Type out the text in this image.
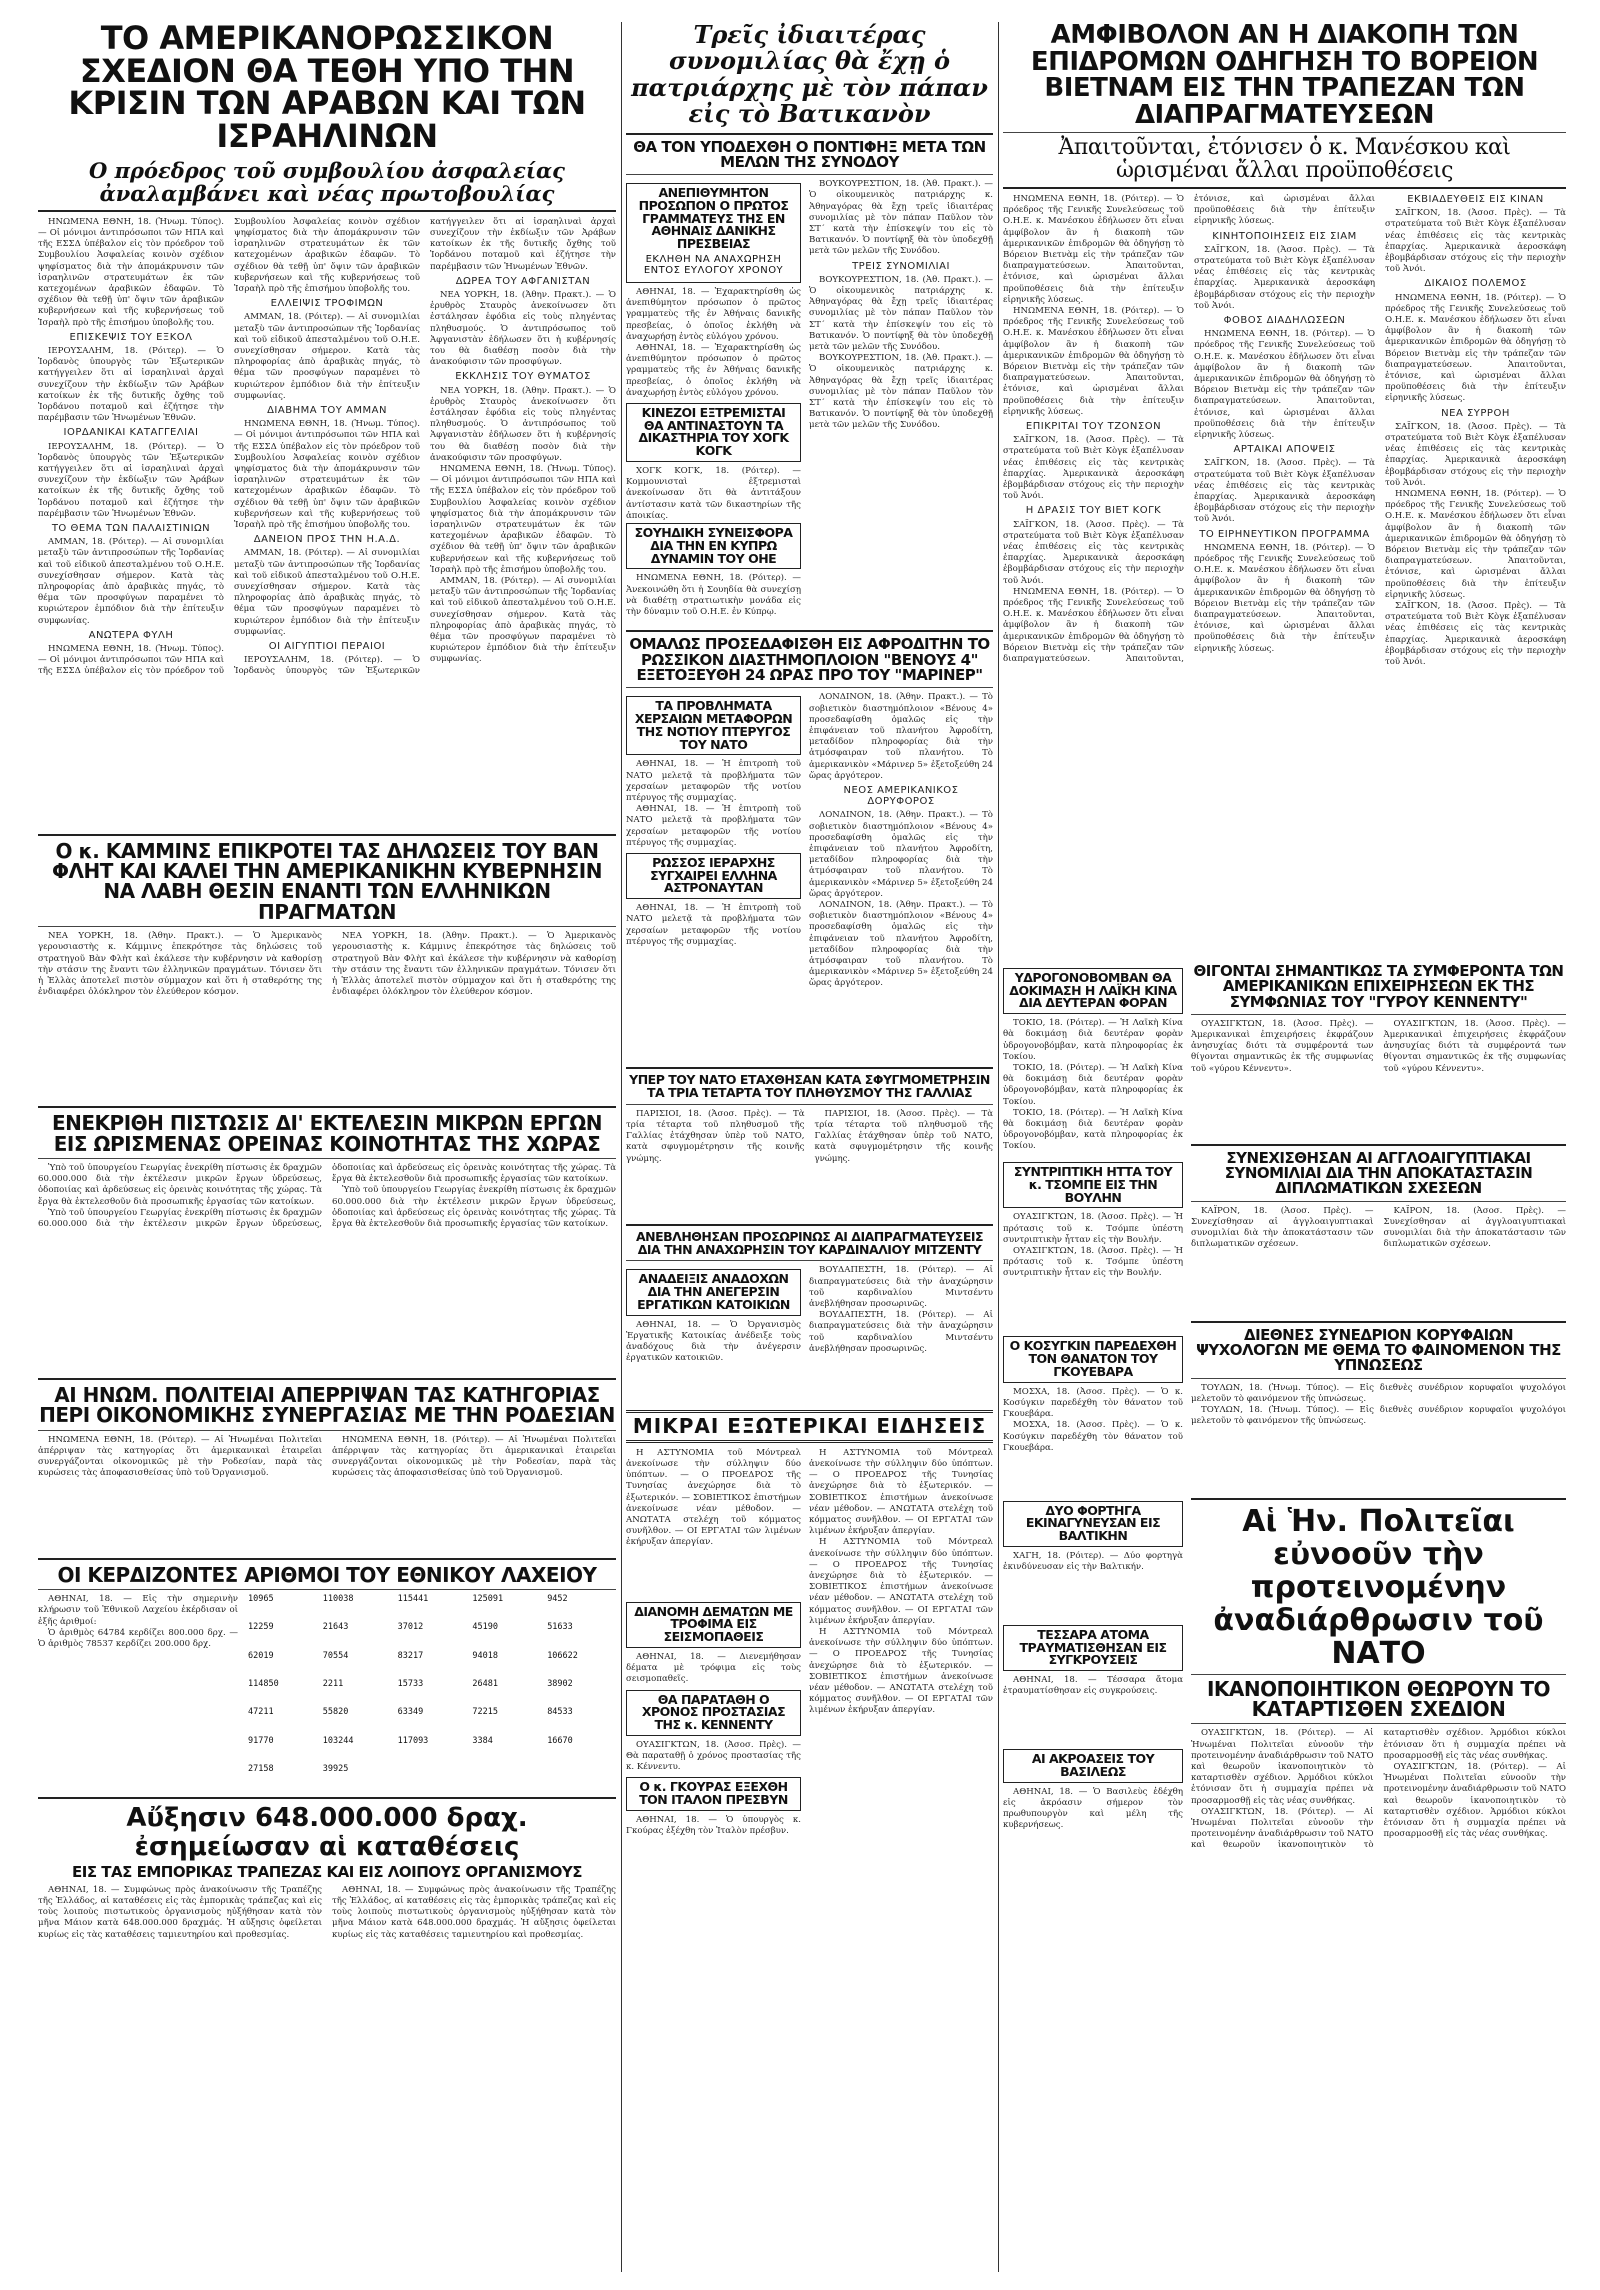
ΤΟ ΑΜΕΡΙΚΑΝΟΡΩΣΣΙΚΟΝ ΣΧΕΔΙΟΝ ΘΑ ΤΕΘΗ ΥΠΟ ΤΗΝ ΚΡΙΣΙΝ ΤΩΝ ΑΡΑΒΩΝ ΚΑΙ ΤΩΝ ΙΣΡΑΗΛΙΝΩΝ
Ο πρόεδρος τοῦ συμβουλίου ἀσφαλείας ἀναλαμβάνει καὶ νέας πρωτοβουλίας

ΗΝΩΜΕΝΑ ΕΘΝΗ, 18. (Ἡνωμ. Τύπος). — Οἱ μόνιμοι ἀντιπρόσωποι τῶν ΗΠΑ καὶ τῆς ΕΣΣΔ ὑπέβαλον εἰς τὸν πρόεδρον τοῦ Συμβουλίου Ἀσφαλείας κοινὸν σχέδιον ψηφίσματος διὰ τὴν ἀπομάκρυνσιν τῶν ἰσραηλινῶν στρατευμάτων ἐκ τῶν κατεχομένων ἀραβικῶν ἐδαφῶν. Τὸ σχέδιον θὰ τεθῇ ὑπ' ὄψιν τῶν ἀραβικῶν κυβερνήσεων καὶ τῆς κυβερνήσεως τοῦ Ἰσραὴλ πρὸ τῆς ἐπισήμου ὑποβολῆς του.

ΕΠΙΣΚΕΨΙΣ ΤΟΥ ΕΞΚΟΛ

ΙΕΡΟΥΣΑΛΗΜ, 18. (Ρόιτερ). — Ὁ Ἰορδανὸς ὑπουργὸς τῶν Ἐξωτερικῶν κατήγγειλεν ὅτι αἱ ἰσραηλιναὶ ἀρχαὶ συνεχίζουν τὴν ἐκδίωξιν τῶν Ἀράβων κατοίκων ἐκ τῆς δυτικῆς ὄχθης τοῦ Ἰορδάνου ποταμοῦ καὶ ἐζήτησε τὴν παρέμβασιν τῶν Ἡνωμένων Ἐθνῶν.

ΙΟΡΔΑΝΙΚΑΙ ΚΑΤΑΓΓΕΛΙΑΙ

ΙΕΡΟΥΣΑΛΗΜ, 18. (Ρόιτερ). — Ὁ Ἰορδανὸς ὑπουργὸς τῶν Ἐξωτερικῶν κατήγγειλεν ὅτι αἱ ἰσραηλιναὶ ἀρχαὶ συνεχίζουν τὴν ἐκδίωξιν τῶν Ἀράβων κατοίκων ἐκ τῆς δυτικῆς ὄχθης τοῦ Ἰορδάνου ποταμοῦ καὶ ἐζήτησε τὴν παρέμβασιν τῶν Ἡνωμένων Ἐθνῶν.

ΤΟ ΘΕΜΑ ΤΩΝ ΠΑΛΑΙΣΤΙΝΙΩΝ

ΑΜΜΑΝ, 18. (Ρόιτερ). — Αἱ συνομιλίαι μεταξὺ τῶν ἀντιπροσώπων τῆς Ἰορδανίας καὶ τοῦ εἰδικοῦ ἀπεσταλμένου τοῦ Ο.Η.Ε. συνεχίσθησαν σήμερον. Κατὰ τὰς πληροφορίας ἀπὸ ἀραβικὰς πηγάς, τὸ θέμα τῶν προσφύγων παραμένει τὸ κυριώτερον ἐμπόδιον διὰ τὴν ἐπίτευξιν συμφωνίας.

ΑΝΩΤΕΡΑ ΦΥΛΗ

ΗΝΩΜΕΝΑ ΕΘΝΗ, 18. (Ἡνωμ. Τύπος). — Οἱ μόνιμοι ἀντιπρόσωποι τῶν ΗΠΑ καὶ τῆς ΕΣΣΔ ὑπέβαλον εἰς τὸν πρόεδρον τοῦ Συμβουλίου Ἀσφαλείας κοινὸν σχέδιον ψηφίσματος διὰ τὴν ἀπομάκρυνσιν τῶν ἰσραηλινῶν στρατευμάτων ἐκ τῶν κατεχομένων ἀραβικῶν ἐδαφῶν. Τὸ σχέδιον θὰ τεθῇ ὑπ' ὄψιν τῶν ἀραβικῶν κυβερνήσεων καὶ τῆς κυβερνήσεως τοῦ Ἰσραὴλ πρὸ τῆς ἐπισήμου ὑποβολῆς του.

ΕΛΛΕΙΨΙΣ ΤΡΟΦΙΜΩΝ

ΑΜΜΑΝ, 18. (Ρόιτερ). — Αἱ συνομιλίαι μεταξὺ τῶν ἀντιπροσώπων τῆς Ἰορδανίας καὶ τοῦ εἰδικοῦ ἀπεσταλμένου τοῦ Ο.Η.Ε. συνεχίσθησαν σήμερον. Κατὰ τὰς πληροφορίας ἀπὸ ἀραβικὰς πηγάς, τὸ θέμα τῶν προσφύγων παραμένει τὸ κυριώτερον ἐμπόδιον διὰ τὴν ἐπίτευξιν συμφωνίας.

ΔΙΑΒΗΜΑ ΤΟΥ ΑΜΜΑΝ

ΗΝΩΜΕΝΑ ΕΘΝΗ, 18. (Ἡνωμ. Τύπος). — Οἱ μόνιμοι ἀντιπρόσωποι τῶν ΗΠΑ καὶ τῆς ΕΣΣΔ ὑπέβαλον εἰς τὸν πρόεδρον τοῦ Συμβουλίου Ἀσφαλείας κοινὸν σχέδιον ψηφίσματος διὰ τὴν ἀπομάκρυνσιν τῶν ἰσραηλινῶν στρατευμάτων ἐκ τῶν κατεχομένων ἀραβικῶν ἐδαφῶν. Τὸ σχέδιον θὰ τεθῇ ὑπ' ὄψιν τῶν ἀραβικῶν κυβερνήσεων καὶ τῆς κυβερνήσεως τοῦ Ἰσραὴλ πρὸ τῆς ἐπισήμου ὑποβολῆς του.

ΔΑΝΕΙΟΝ ΠΡΟΣ ΤΗΝ Η.Α.Δ.

ΑΜΜΑΝ, 18. (Ρόιτερ). — Αἱ συνομιλίαι μεταξὺ τῶν ἀντιπροσώπων τῆς Ἰορδανίας καὶ τοῦ εἰδικοῦ ἀπεσταλμένου τοῦ Ο.Η.Ε. συνεχίσθησαν σήμερον. Κατὰ τὰς πληροφορίας ἀπὸ ἀραβικὰς πηγάς, τὸ θέμα τῶν προσφύγων παραμένει τὸ κυριώτερον ἐμπόδιον διὰ τὴν ἐπίτευξιν συμφωνίας.

ΟΙ ΑΙΓΥΠΤΙΟΙ ΠΕΡΑΙΟΙ

ΙΕΡΟΥΣΑΛΗΜ, 18. (Ρόιτερ). — Ὁ Ἰορδανὸς ὑπουργὸς τῶν Ἐξωτερικῶν κατήγγειλεν ὅτι αἱ ἰσραηλιναὶ ἀρχαὶ συνεχίζουν τὴν ἐκδίωξιν τῶν Ἀράβων κατοίκων ἐκ τῆς δυτικῆς ὄχθης τοῦ Ἰορδάνου ποταμοῦ καὶ ἐζήτησε τὴν παρέμβασιν τῶν Ἡνωμένων Ἐθνῶν.

ΔΩΡΕΑ ΤΟΥ ΑΦΓΑΝΙΣΤΑΝ

ΝΕΑ ΥΟΡΚΗ, 18. (Ἀθην. Πρακτ.). — Ὁ ἐρυθρὸς Σταυρὸς ἀνεκοίνωσεν ὅτι ἐστάλησαν ἐφόδια εἰς τοὺς πληγέντας πληθυσμούς. Ὁ ἀντιπρόσωπος τοῦ Ἀφγανιστὰν ἐδήλωσεν ὅτι ἡ κυβέρνησίς του θὰ διαθέσῃ ποσὸν διὰ τὴν ἀνακούφισιν τῶν προσφύγων.

ΕΚΚΛΗΣΙΣ ΤΟΥ ΘΥΜΑΤΟΣ

ΝΕΑ ΥΟΡΚΗ, 18. (Ἀθην. Πρακτ.). — Ὁ ἐρυθρὸς Σταυρὸς ἀνεκοίνωσεν ὅτι ἐστάλησαν ἐφόδια εἰς τοὺς πληγέντας πληθυσμούς. Ὁ ἀντιπρόσωπος τοῦ Ἀφγανιστὰν ἐδήλωσεν ὅτι ἡ κυβέρνησίς του θὰ διαθέσῃ ποσὸν διὰ τὴν ἀνακούφισιν τῶν προσφύγων.

ΗΝΩΜΕΝΑ ΕΘΝΗ, 18. (Ἡνωμ. Τύπος). — Οἱ μόνιμοι ἀντιπρόσωποι τῶν ΗΠΑ καὶ τῆς ΕΣΣΔ ὑπέβαλον εἰς τὸν πρόεδρον τοῦ Συμβουλίου Ἀσφαλείας κοινὸν σχέδιον ψηφίσματος διὰ τὴν ἀπομάκρυνσιν τῶν ἰσραηλινῶν στρατευμάτων ἐκ τῶν κατεχομένων ἀραβικῶν ἐδαφῶν. Τὸ σχέδιον θὰ τεθῇ ὑπ' ὄψιν τῶν ἀραβικῶν κυβερνήσεων καὶ τῆς κυβερνήσεως τοῦ Ἰσραὴλ πρὸ τῆς ἐπισήμου ὑποβολῆς του.

ΑΜΜΑΝ, 18. (Ρόιτερ). — Αἱ συνομιλίαι μεταξὺ τῶν ἀντιπροσώπων τῆς Ἰορδανίας καὶ τοῦ εἰδικοῦ ἀπεσταλμένου τοῦ Ο.Η.Ε. συνεχίσθησαν σήμερον. Κατὰ τὰς πληροφορίας ἀπὸ ἀραβικὰς πηγάς, τὸ θέμα τῶν προσφύγων παραμένει τὸ κυριώτερον ἐμπόδιον διὰ τὴν ἐπίτευξιν συμφωνίας.

Ο κ. ΚΑΜΜΙΝΣ ΕΠΙΚΡΟΤΕΙ ΤΑΣ ΔΗΛΩΣΕΙΣ ΤΟΥ ΒΑΝ ΦΛΗΤ ΚΑΙ ΚΑΛΕΙ ΤΗΝ ΑΜΕΡΙΚΑΝΙΚΗΝ ΚΥΒΕΡΝΗΣΙΝ ΝΑ ΛΑΒΗ ΘΕΣΙΝ ΕΝΑΝΤΙ ΤΩΝ ΕΛΛΗΝΙΚΩΝ ΠΡΑΓΜΑΤΩΝ

ΝΕΑ ΥΟΡΚΗ, 18. (Ἀθην. Πρακτ.). — Ὁ Ἀμερικανὸς γερουσιαστὴς κ. Κάμμινς ἐπεκρότησε τὰς δηλώσεις τοῦ στρατηγοῦ Βὰν Φλὴτ καὶ ἐκάλεσε τὴν κυβέρνησιν νὰ καθορίσῃ τὴν στάσιν της ἔναντι τῶν ἑλληνικῶν πραγμάτων. Τόνισεν ὅτι ἡ Ἑλλὰς ἀποτελεῖ πιστὸν σύμμαχον καὶ ὅτι ἡ σταθερότης της ἐνδιαφέρει ὁλόκληρον τὸν ἐλεύθερον κόσμον.

ΝΕΑ ΥΟΡΚΗ, 18. (Ἀθην. Πρακτ.). — Ὁ Ἀμερικανὸς γερουσιαστὴς κ. Κάμμινς ἐπεκρότησε τὰς δηλώσεις τοῦ στρατηγοῦ Βὰν Φλὴτ καὶ ἐκάλεσε τὴν κυβέρνησιν νὰ καθορίσῃ τὴν στάσιν της ἔναντι τῶν ἑλληνικῶν πραγμάτων. Τόνισεν ὅτι ἡ Ἑλλὰς ἀποτελεῖ πιστὸν σύμμαχον καὶ ὅτι ἡ σταθερότης της ἐνδιαφέρει ὁλόκληρον τὸν ἐλεύθερον κόσμον.

ΕΝΕΚΡΙΘΗ ΠΙΣΤΩΣΙΣ ΔΙ' ΕΚΤΕΛΕΣΙΝ ΜΙΚΡΩΝ ΕΡΓΩΝ ΕΙΣ ΩΡΙΣΜΕΝΑΣ ΟΡΕΙΝΑΣ ΚΟΙΝΟΤΗΤΑΣ ΤΗΣ ΧΩΡΑΣ

Ὑπὸ τοῦ ὑπουργείου Γεωργίας ἐνεκρίθη πίστωσις ἐκ δραχμῶν 60.000.000 διὰ τὴν ἐκτέλεσιν μικρῶν ἔργων ὑδρεύσεως, ὀδοποιίας καὶ ἀρδεύσεως εἰς ὀρεινὰς κοινότητας τῆς χώρας. Τὰ ἔργα θὰ ἐκτελεσθοῦν διὰ προσωπικῆς ἐργασίας τῶν κατοίκων.

Ὑπὸ τοῦ ὑπουργείου Γεωργίας ἐνεκρίθη πίστωσις ἐκ δραχμῶν 60.000.000 διὰ τὴν ἐκτέλεσιν μικρῶν ἔργων ὑδρεύσεως, ὀδοποιίας καὶ ἀρδεύσεως εἰς ὀρεινὰς κοινότητας τῆς χώρας. Τὰ ἔργα θὰ ἐκτελεσθοῦν διὰ προσωπικῆς ἐργασίας τῶν κατοίκων.

Ὑπὸ τοῦ ὑπουργείου Γεωργίας ἐνεκρίθη πίστωσις ἐκ δραχμῶν 60.000.000 διὰ τὴν ἐκτέλεσιν μικρῶν ἔργων ὑδρεύσεως, ὀδοποιίας καὶ ἀρδεύσεως εἰς ὀρεινὰς κοινότητας τῆς χώρας. Τὰ ἔργα θὰ ἐκτελεσθοῦν διὰ προσωπικῆς ἐργασίας τῶν κατοίκων.

ΑΙ ΗΝΩΜ. ΠΟΛΙΤΕΙΑΙ ΑΠΕΡΡΙΨΑΝ ΤΑΣ ΚΑΤΗΓΟΡΙΑΣ ΠΕΡΙ ΟΙΚΟΝΟΜΙΚΗΣ ΣΥΝΕΡΓΑΣΙΑΣ ΜΕ ΤΗΝ ΡΟΔΕΣΙΑΝ

ΗΝΩΜΕΝΑ ΕΘΝΗ, 18. (Ρόιτερ). — Αἱ Ἡνωμέναι Πολιτεῖαι ἀπέρριψαν τὰς κατηγορίας ὅτι ἀμερικανικαὶ ἑταιρεῖαι συνεργάζονται οἰκονομικῶς μὲ τὴν Ροδεσίαν, παρὰ τὰς κυρώσεις τὰς ἀποφασισθείσας ὑπὸ τοῦ Ὀργανισμοῦ.

ΗΝΩΜΕΝΑ ΕΘΝΗ, 18. (Ρόιτερ). — Αἱ Ἡνωμέναι Πολιτεῖαι ἀπέρριψαν τὰς κατηγορίας ὅτι ἀμερικανικαὶ ἑταιρεῖαι συνεργάζονται οἰκονομικῶς μὲ τὴν Ροδεσίαν, παρὰ τὰς κυρώσεις τὰς ἀποφασισθείσας ὑπὸ τοῦ Ὀργανισμοῦ.

ΟΙ ΚΕΡΔΙΖΟΝΤΕΣ ΑΡΙΘΜΟΙ ΤΟΥ ΕΘΝΙΚΟΥ ΛΑΧΕΙΟΥ

ΑΘΗΝΑΙ, 18. — Εἰς τὴν σημερινὴν κλήρωσιν τοῦ Ἐθνικοῦ Λαχείου ἐκέρδισαν οἱ ἑξῆς ἀριθμοί:

Ὁ ἀριθμὸς 64784 κερδίζει 800.000 δρχ. — Ὁ ἀριθμὸς 78537 κερδίζει 200.000 δρχ.

10965	110038	115441	125091	9452
12259	21643	37012	45190	51633
62019	70554	83217	94018	106622
114850	2211	15733	26481	38902
47211	55820	63349	72215	84533
91770	103244	117093	3384	16670
27158	39925
Αὔξησιν 648.000.000 δραχ. ἐσημείωσαν αἱ καταθέσεις
ΕΙΣ ΤΑΣ ΕΜΠΟΡΙΚΑΣ ΤΡΑΠΕΖΑΣ ΚΑΙ ΕΙΣ ΛΟΙΠΟΥΣ ΟΡΓΑΝΙΣΜΟΥΣ

ΑΘΗΝΑΙ, 18. — Συμφώνως πρὸς ἀνακοίνωσιν τῆς Τραπέζης τῆς Ἑλλάδος, αἱ καταθέσεις εἰς τὰς ἐμπορικὰς τράπεζας καὶ εἰς τοὺς λοιποὺς πιστωτικοὺς ὀργανισμοὺς ηὐξήθησαν κατὰ τὸν μῆνα Μάιον κατὰ 648.000.000 δραχμάς. Ἡ αὔξησις ὀφείλεται κυρίως εἰς τὰς καταθέσεις ταμιευτηρίου καὶ προθεσμίας.

ΑΘΗΝΑΙ, 18. — Συμφώνως πρὸς ἀνακοίνωσιν τῆς Τραπέζης τῆς Ἑλλάδος, αἱ καταθέσεις εἰς τὰς ἐμπορικὰς τράπεζας καὶ εἰς τοὺς λοιποὺς πιστωτικοὺς ὀργανισμοὺς ηὐξήθησαν κατὰ τὸν μῆνα Μάιον κατὰ 648.000.000 δραχμάς. Ἡ αὔξησις ὀφείλεται κυρίως εἰς τὰς καταθέσεις ταμιευτηρίου καὶ προθεσμίας.

Τρεῖς ἰδιαιτέρας συνομιλίας θὰ ἔχῃ ὁ πατριάρχης μὲ τὸν πάπαν εἰς τὸ Βατικανὸν
ΘΑ ΤΟΝ ΥΠΟΔΕΧΘΗ Ο ΠΟΝΤΙΦΗΞ ΜΕΤΑ ΤΩΝ ΜΕΛΩΝ ΤΗΣ ΣΥΝΟΔΟΥ
ΑΝΕΠΙΘΥΜΗΤΟΝ ΠΡΟΣΩΠΟΝ Ο ΠΡΩΤΟΣ ΓΡΑΜΜΑΤΕΥΣ ΤΗΣ ΕΝ ΑΘΗΝΑΙΣ ΔΑΝΙΚΗΣ ΠΡΕΣΒΕΙΑΣ
ΕΚΛΗΘΗ ΝΑ ΑΝΑΧΩΡΗΣΗ ΕΝΤΟΣ ΕΥΛΟΓΟΥ ΧΡΟΝΟΥ

ΑΘΗΝΑΙ, 18. — Ἐχαρακτηρίσθη ὡς ἀνεπιθύμητον πρόσωπον ὁ πρῶτος γραμματεὺς τῆς ἐν Ἀθήναις δανικῆς πρεσβείας, ὁ ὁποῖος ἐκλήθη νὰ ἀναχωρήσῃ ἐντὸς εὐλόγου χρόνου.

ΑΘΗΝΑΙ, 18. — Ἐχαρακτηρίσθη ὡς ἀνεπιθύμητον πρόσωπον ὁ πρῶτος γραμματεὺς τῆς ἐν Ἀθήναις δανικῆς πρεσβείας, ὁ ὁποῖος ἐκλήθη νὰ ἀναχωρήσῃ ἐντὸς εὐλόγου χρόνου.

ΚΙΝΕΖΟΙ ΕΞΤΡΕΜΙΣΤΑΙ ΘΑ ΑΝΤΙΝΑΣΤΟΥΝ ΤΑ ΔΙΚΑΣΤΗΡΙΑ ΤΟΥ ΧΟΓΚ ΚΟΓΚ

ΧΟΓΚ ΚΟΓΚ, 18. (Ρόιτερ). — Κομμουνισταὶ ἐξτρεμισταὶ ἀνεκοίνωσαν ὅτι θὰ ἀντιτάξουν ἀντίστασιν κατὰ τῶν δικαστηρίων τῆς ἀποικίας.

ΒΟΥΚΟΥΡΕΣΤΙΟΝ, 18. (Ἀθ. Πρακτ.). — Ὁ οἰκουμενικὸς πατριάρχης κ. Ἀθηναγόρας θὰ ἔχῃ τρεῖς ἰδιαιτέρας συνομιλίας μὲ τὸν πάπαν Παῦλον τὸν ΣΤ΄ κατὰ τὴν ἐπίσκεψίν του εἰς τὸ Βατικανόν. Ὁ ποντίφηξ θὰ τὸν ὑποδεχθῇ μετὰ τῶν μελῶν τῆς Συνόδου.

ΤΡΕΙΣ ΣΥΝΟΜΙΛΙΑΙ

ΒΟΥΚΟΥΡΕΣΤΙΟΝ, 18. (Ἀθ. Πρακτ.). — Ὁ οἰκουμενικὸς πατριάρχης κ. Ἀθηναγόρας θὰ ἔχῃ τρεῖς ἰδιαιτέρας συνομιλίας μὲ τὸν πάπαν Παῦλον τὸν ΣΤ΄ κατὰ τὴν ἐπίσκεψίν του εἰς τὸ Βατικανόν. Ὁ ποντίφηξ θὰ τὸν ὑποδεχθῇ μετὰ τῶν μελῶν τῆς Συνόδου.

ΒΟΥΚΟΥΡΕΣΤΙΟΝ, 18. (Ἀθ. Πρακτ.). — Ὁ οἰκουμενικὸς πατριάρχης κ. Ἀθηναγόρας θὰ ἔχῃ τρεῖς ἰδιαιτέρας συνομιλίας μὲ τὸν πάπαν Παῦλον τὸν ΣΤ΄ κατὰ τὴν ἐπίσκεψίν του εἰς τὸ Βατικανόν. Ὁ ποντίφηξ θὰ τὸν ὑποδεχθῇ μετὰ τῶν μελῶν τῆς Συνόδου.

ΣΟΥΗΔΙΚΗ ΣΥΝΕΙΣΦΟΡΑ ΔΙΑ ΤΗΝ ΕΝ ΚΥΠΡΩ ΔΥΝΑΜΙΝ ΤΟΥ ΟΗΕ

ΗΝΩΜΕΝΑ ΕΘΝΗ, 18. (Ρόιτερ). — Ἀνεκοινώθη ὅτι ἡ Σουηδία θὰ συνεχίσῃ νὰ διαθέτῃ στρατιωτικὴν μονάδα εἰς τὴν δύναμιν τοῦ Ο.Η.Ε. ἐν Κύπρῳ.

ΟΜΑΛΩΣ ΠΡΟΣΕΔΑΦΙΣΘΗ ΕΙΣ ΑΦΡΟΔΙΤΗΝ ΤΟ ΡΩΣΣΙΚΟΝ ΔΙΑΣΤΗΜΟΠΛΟΙΟΝ "ΒΕΝΟΥΣ 4" ΕΞΕΤΟΞΕΥΘΗ 24 ΩΡΑΣ ΠΡΟ ΤΟΥ "ΜΑΡΙΝΕΡ"
ΤΑ ΠΡΟΒΛΗΜΑΤΑ ΧΕΡΣΑΙΩΝ ΜΕΤΑΦΟΡΩΝ ΤΗΣ ΝΟΤΙΟΥ ΠΤΕΡΥΓΟΣ ΤΟΥ ΝΑΤΟ

ΑΘΗΝΑΙ, 18. — Ἡ ἐπιτροπὴ τοῦ ΝΑΤΟ μελετᾷ τὰ προβλήματα τῶν χερσαίων μεταφορῶν τῆς νοτίου πτέρυγος τῆς συμμαχίας.

ΑΘΗΝΑΙ, 18. — Ἡ ἐπιτροπὴ τοῦ ΝΑΤΟ μελετᾷ τὰ προβλήματα τῶν χερσαίων μεταφορῶν τῆς νοτίου πτέρυγος τῆς συμμαχίας.

ΡΩΣΣΟΣ ΙΕΡΑΡΧΗΣ ΣΥΓΧΑΙΡΕΙ ΕΛΛΗΝΑ ΑΣΤΡΟΝΑΥΤΑΝ

ΑΘΗΝΑΙ, 18. — Ἡ ἐπιτροπὴ τοῦ ΝΑΤΟ μελετᾷ τὰ προβλήματα τῶν χερσαίων μεταφορῶν τῆς νοτίου πτέρυγος τῆς συμμαχίας.

ΛΟΝΔΙΝΟΝ, 18. (Ἀθην. Πρακτ.). — Τὸ σοβιετικὸν διαστημόπλοιον «Βένους 4» προσεδαφίσθη ὁμαλῶς εἰς τὴν ἐπιφάνειαν τοῦ πλανήτου Ἀφροδίτη, μεταδίδον πληροφορίας διὰ τὴν ἀτμόσφαιραν τοῦ πλανήτου. Τὸ ἀμερικανικὸν «Μάρινερ 5» ἐξετοξεύθη 24 ὥρας ἀργότερον.

ΝΕΟΣ ΑΜΕΡΙΚΑΝΙΚΟΣ ΔΟΡΥΦΟΡΟΣ

ΛΟΝΔΙΝΟΝ, 18. (Ἀθην. Πρακτ.). — Τὸ σοβιετικὸν διαστημόπλοιον «Βένους 4» προσεδαφίσθη ὁμαλῶς εἰς τὴν ἐπιφάνειαν τοῦ πλανήτου Ἀφροδίτη, μεταδίδον πληροφορίας διὰ τὴν ἀτμόσφαιραν τοῦ πλανήτου. Τὸ ἀμερικανικὸν «Μάρινερ 5» ἐξετοξεύθη 24 ὥρας ἀργότερον.

ΛΟΝΔΙΝΟΝ, 18. (Ἀθην. Πρακτ.). — Τὸ σοβιετικὸν διαστημόπλοιον «Βένους 4» προσεδαφίσθη ὁμαλῶς εἰς τὴν ἐπιφάνειαν τοῦ πλανήτου Ἀφροδίτη, μεταδίδον πληροφορίας διὰ τὴν ἀτμόσφαιραν τοῦ πλανήτου. Τὸ ἀμερικανικὸν «Μάρινερ 5» ἐξετοξεύθη 24 ὥρας ἀργότερον.

ΥΠΕΡ ΤΟΥ ΝΑΤΟ ΕΤΑΧΘΗΣΑΝ ΚΑΤΑ ΣΦΥΓΜΟΜΕΤΡΗΣΙΝ ΤΑ ΤΡΙΑ ΤΕΤΑΡΤΑ ΤΟΥ ΠΛΗΘΥΣΜΟΥ ΤΗΣ ΓΑΛΛΙΑΣ

ΠΑΡΙΣΙΟΙ, 18. (Ἀσοσ. Πρὲς). — Τὰ τρία τέταρτα τοῦ πληθυσμοῦ τῆς Γαλλίας ἐτάχθησαν ὑπὲρ τοῦ ΝΑΤΟ, κατὰ σφυγμομέτρησιν τῆς κοινῆς γνώμης.

ΠΑΡΙΣΙΟΙ, 18. (Ἀσοσ. Πρὲς). — Τὰ τρία τέταρτα τοῦ πληθυσμοῦ τῆς Γαλλίας ἐτάχθησαν ὑπὲρ τοῦ ΝΑΤΟ, κατὰ σφυγμομέτρησιν τῆς κοινῆς γνώμης.

ΑΝΕΒΛΗΘΗΣΑΝ ΠΡΟΣΩΡΙΝΩΣ ΑΙ ΔΙΑΠΡΑΓΜΑΤΕΥΣΕΙΣ ΔΙΑ ΤΗΝ ΑΝΑΧΩΡΗΣΙΝ ΤΟΥ ΚΑΡΔΙΝΑΛΙΟΥ ΜΙΤΖΕΝΤΥ
ΑΝΑΔΕΙΞΙΣ ΑΝΑΔΟΧΩΝ ΔΙΑ ΤΗΝ ΑΝΕΓΕΡΣΙΝ ΕΡΓΑΤΙΚΩΝ ΚΑΤΟΙΚΙΩΝ

ΑΘΗΝΑΙ, 18. — Ὁ Ὀργανισμὸς Ἐργατικῆς Κατοικίας ἀνέδειξε τοὺς ἀναδόχους διὰ τὴν ἀνέγερσιν ἐργατικῶν κατοικιῶν.

ΒΟΥΔΑΠΕΣΤΗ, 18. (Ρόιτερ). — Αἱ διαπραγματεύσεις διὰ τὴν ἀναχώρησιν τοῦ καρδιναλίου Μιντσέντυ ἀνεβλήθησαν προσωρινῶς.

ΒΟΥΔΑΠΕΣΤΗ, 18. (Ρόιτερ). — Αἱ διαπραγματεύσεις διὰ τὴν ἀναχώρησιν τοῦ καρδιναλίου Μιντσέντυ ἀνεβλήθησαν προσωρινῶς.

ΜΙΚΡΑΙ ΕΞΩΤΕΡΙΚΑΙ ΕΙΔΗΣΕΙΣ

Η ΑΣΤΥΝΟΜΙΑ τοῦ Μόντρεαλ ἀνεκοίνωσε τὴν σύλληψιν δύο ὑπόπτων. — Ο ΠΡΟΕΔΡΟΣ τῆς Τυνησίας ἀνεχώρησε διὰ τὸ ἐξωτερικόν. — ΣΟΒΙΕΤΙΚΟΣ ἐπιστήμων ἀνεκοίνωσε νέαν μέθοδον. — ΑΝΩΤΑΤΑ στελέχη τοῦ κόμματος συνῆλθον. — ΟΙ ΕΡΓΑΤΑΙ τῶν λιμένων ἐκήρυξαν ἀπεργίαν.

ΔΙΑΝΟΜΗ ΔΕΜΑΤΩΝ ΜΕ ΤΡΟΦΙΜΑ ΕΙΣ ΣΕΙΣΜΟΠΑΘΕΙΣ

ΑΘΗΝΑΙ, 18. — Διενεμήθησαν δέματα μὲ τρόφιμα εἰς τοὺς σεισμοπαθεῖς.

ΘΑ ΠΑΡΑΤΑΘΗ Ο ΧΡΟΝΟΣ ΠΡΟΣΤΑΣΙΑΣ ΤΗΣ κ. ΚΕΝΝΕΝΤΥ

ΟΥΑΣΙΓΚΤΩΝ, 18. (Ἀσοσ. Πρὲς). — Θὰ παραταθῇ ὁ χρόνος προστασίας τῆς κ. Κέννεντυ.

Ο κ. ΓΚΟΥΡΑΣ ΕΞΕΧΘΗ ΤΟΝ ΙΤΑΛΟΝ ΠΡΕΣΒΥΝ

ΑΘΗΝΑΙ, 18. — Ὁ ὑπουργὸς κ. Γκούρας ἐξέχθη τὸν Ἰταλὸν πρέσβυν.

Η ΑΣΤΥΝΟΜΙΑ τοῦ Μόντρεαλ ἀνεκοίνωσε τὴν σύλληψιν δύο ὑπόπτων. — Ο ΠΡΟΕΔΡΟΣ τῆς Τυνησίας ἀνεχώρησε διὰ τὸ ἐξωτερικόν. — ΣΟΒΙΕΤΙΚΟΣ ἐπιστήμων ἀνεκοίνωσε νέαν μέθοδον. — ΑΝΩΤΑΤΑ στελέχη τοῦ κόμματος συνῆλθον. — ΟΙ ΕΡΓΑΤΑΙ τῶν λιμένων ἐκήρυξαν ἀπεργίαν.

Η ΑΣΤΥΝΟΜΙΑ τοῦ Μόντρεαλ ἀνεκοίνωσε τὴν σύλληψιν δύο ὑπόπτων. — Ο ΠΡΟΕΔΡΟΣ τῆς Τυνησίας ἀνεχώρησε διὰ τὸ ἐξωτερικόν. — ΣΟΒΙΕΤΙΚΟΣ ἐπιστήμων ἀνεκοίνωσε νέαν μέθοδον. — ΑΝΩΤΑΤΑ στελέχη τοῦ κόμματος συνῆλθον. — ΟΙ ΕΡΓΑΤΑΙ τῶν λιμένων ἐκήρυξαν ἀπεργίαν.

Η ΑΣΤΥΝΟΜΙΑ τοῦ Μόντρεαλ ἀνεκοίνωσε τὴν σύλληψιν δύο ὑπόπτων. — Ο ΠΡΟΕΔΡΟΣ τῆς Τυνησίας ἀνεχώρησε διὰ τὸ ἐξωτερικόν. — ΣΟΒΙΕΤΙΚΟΣ ἐπιστήμων ἀνεκοίνωσε νέαν μέθοδον. — ΑΝΩΤΑΤΑ στελέχη τοῦ κόμματος συνῆλθον. — ΟΙ ΕΡΓΑΤΑΙ τῶν λιμένων ἐκήρυξαν ἀπεργίαν.

ΑΜΦΙΒΟΛΟΝ ΑΝ Η ΔΙΑΚΟΠΗ ΤΩΝ ΕΠΙΔΡΟΜΩΝ ΟΔΗΓΗΣΗ ΤΟ ΒΟΡΕΙΟΝ ΒΙΕΤΝΑΜ ΕΙΣ ΤΗΝ ΤΡΑΠΕΖΑΝ ΤΩΝ ΔΙΑΠΡΑΓΜΑΤΕΥΣΕΩΝ
Ἀπαιτοῦνται, ἐτόνισεν ὁ κ. Μανέσκου καὶ ὡρισμέναι ἄλλαι προϋποθέσεις

ΗΝΩΜΕΝΑ ΕΘΝΗ, 18. (Ρόιτερ). — Ὁ πρόεδρος τῆς Γενικῆς Συνελεύσεως τοῦ Ο.Η.Ε. κ. Μανέσκου ἐδήλωσεν ὅτι εἶναι ἀμφίβολον ἂν ἡ διακοπὴ τῶν ἀμερικανικῶν ἐπιδρομῶν θὰ ὁδηγήσῃ τὸ Βόρειον Βιετνὰμ εἰς τὴν τράπεζαν τῶν διαπραγματεύσεων. Ἀπαιτοῦνται, ἐτόνισε, καὶ ὡρισμέναι ἄλλαι προϋποθέσεις διὰ τὴν ἐπίτευξιν εἰρηνικῆς λύσεως.

ΗΝΩΜΕΝΑ ΕΘΝΗ, 18. (Ρόιτερ). — Ὁ πρόεδρος τῆς Γενικῆς Συνελεύσεως τοῦ Ο.Η.Ε. κ. Μανέσκου ἐδήλωσεν ὅτι εἶναι ἀμφίβολον ἂν ἡ διακοπὴ τῶν ἀμερικανικῶν ἐπιδρομῶν θὰ ὁδηγήσῃ τὸ Βόρειον Βιετνὰμ εἰς τὴν τράπεζαν τῶν διαπραγματεύσεων. Ἀπαιτοῦνται, ἐτόνισε, καὶ ὡρισμέναι ἄλλαι προϋποθέσεις διὰ τὴν ἐπίτευξιν εἰρηνικῆς λύσεως.

ΕΠΙΚΡΙΤΑΙ ΤΟΥ ΤΖΟΝΣΟΝ

ΣΑΪΓΚΟΝ, 18. (Ἀσοσ. Πρὲς). — Τὰ στρατεύματα τοῦ Βιὲτ Κὸγκ ἐξαπέλυσαν νέας ἐπιθέσεις εἰς τὰς κεντρικὰς ἐπαρχίας. Ἀμερικανικὰ ἀεροσκάφη ἐβομβάρδισαν στόχους εἰς τὴν περιοχὴν τοῦ Ἁνόι.

Η ΔΡΑΣΙΣ ΤΟΥ ΒΙΕΤ ΚΟΓΚ

ΣΑΪΓΚΟΝ, 18. (Ἀσοσ. Πρὲς). — Τὰ στρατεύματα τοῦ Βιὲτ Κὸγκ ἐξαπέλυσαν νέας ἐπιθέσεις εἰς τὰς κεντρικὰς ἐπαρχίας. Ἀμερικανικὰ ἀεροσκάφη ἐβομβάρδισαν στόχους εἰς τὴν περιοχὴν τοῦ Ἁνόι.

ΗΝΩΜΕΝΑ ΕΘΝΗ, 18. (Ρόιτερ). — Ὁ πρόεδρος τῆς Γενικῆς Συνελεύσεως τοῦ Ο.Η.Ε. κ. Μανέσκου ἐδήλωσεν ὅτι εἶναι ἀμφίβολον ἂν ἡ διακοπὴ τῶν ἀμερικανικῶν ἐπιδρομῶν θὰ ὁδηγήσῃ τὸ Βόρειον Βιετνὰμ εἰς τὴν τράπεζαν τῶν διαπραγματεύσεων. Ἀπαιτοῦνται, ἐτόνισε, καὶ ὡρισμέναι ἄλλαι προϋποθέσεις διὰ τὴν ἐπίτευξιν εἰρηνικῆς λύσεως.

ΚΙΝΗΤΟΠΟΙΗΣΕΙΣ ΕΙΣ ΣΙΑΜ

ΣΑΪΓΚΟΝ, 18. (Ἀσοσ. Πρὲς). — Τὰ στρατεύματα τοῦ Βιὲτ Κὸγκ ἐξαπέλυσαν νέας ἐπιθέσεις εἰς τὰς κεντρικὰς ἐπαρχίας. Ἀμερικανικὰ ἀεροσκάφη ἐβομβάρδισαν στόχους εἰς τὴν περιοχὴν τοῦ Ἁνόι.

ΦΟΒΟΣ ΔΙΑΔΗΛΩΣΕΩΝ

ΗΝΩΜΕΝΑ ΕΘΝΗ, 18. (Ρόιτερ). — Ὁ πρόεδρος τῆς Γενικῆς Συνελεύσεως τοῦ Ο.Η.Ε. κ. Μανέσκου ἐδήλωσεν ὅτι εἶναι ἀμφίβολον ἂν ἡ διακοπὴ τῶν ἀμερικανικῶν ἐπιδρομῶν θὰ ὁδηγήσῃ τὸ Βόρειον Βιετνὰμ εἰς τὴν τράπεζαν τῶν διαπραγματεύσεων. Ἀπαιτοῦνται, ἐτόνισε, καὶ ὡρισμέναι ἄλλαι προϋποθέσεις διὰ τὴν ἐπίτευξιν εἰρηνικῆς λύσεως.

ΑΡΤΑΙΚΑΙ ΑΠΟΨΕΙΣ

ΣΑΪΓΚΟΝ, 18. (Ἀσοσ. Πρὲς). — Τὰ στρατεύματα τοῦ Βιὲτ Κὸγκ ἐξαπέλυσαν νέας ἐπιθέσεις εἰς τὰς κεντρικὰς ἐπαρχίας. Ἀμερικανικὰ ἀεροσκάφη ἐβομβάρδισαν στόχους εἰς τὴν περιοχὴν τοῦ Ἁνόι.

ΤΟ ΕΙΡΗΝΕΥΤΙΚΟΝ ΠΡΟΓΡΑΜΜΑ

ΗΝΩΜΕΝΑ ΕΘΝΗ, 18. (Ρόιτερ). — Ὁ πρόεδρος τῆς Γενικῆς Συνελεύσεως τοῦ Ο.Η.Ε. κ. Μανέσκου ἐδήλωσεν ὅτι εἶναι ἀμφίβολον ἂν ἡ διακοπὴ τῶν ἀμερικανικῶν ἐπιδρομῶν θὰ ὁδηγήσῃ τὸ Βόρειον Βιετνὰμ εἰς τὴν τράπεζαν τῶν διαπραγματεύσεων. Ἀπαιτοῦνται, ἐτόνισε, καὶ ὡρισμέναι ἄλλαι προϋποθέσεις διὰ τὴν ἐπίτευξιν εἰρηνικῆς λύσεως.

ΕΚΒΙΑΔΕΥΘΕΙΣ ΕΙΣ ΚΙΝΑΝ

ΣΑΪΓΚΟΝ, 18. (Ἀσοσ. Πρὲς). — Τὰ στρατεύματα τοῦ Βιὲτ Κὸγκ ἐξαπέλυσαν νέας ἐπιθέσεις εἰς τὰς κεντρικὰς ἐπαρχίας. Ἀμερικανικὰ ἀεροσκάφη ἐβομβάρδισαν στόχους εἰς τὴν περιοχὴν τοῦ Ἁνόι.

ΔΙΚΑΙΟΣ ΠΟΛΕΜΟΣ

ΗΝΩΜΕΝΑ ΕΘΝΗ, 18. (Ρόιτερ). — Ὁ πρόεδρος τῆς Γενικῆς Συνελεύσεως τοῦ Ο.Η.Ε. κ. Μανέσκου ἐδήλωσεν ὅτι εἶναι ἀμφίβολον ἂν ἡ διακοπὴ τῶν ἀμερικανικῶν ἐπιδρομῶν θὰ ὁδηγήσῃ τὸ Βόρειον Βιετνὰμ εἰς τὴν τράπεζαν τῶν διαπραγματεύσεων. Ἀπαιτοῦνται, ἐτόνισε, καὶ ὡρισμέναι ἄλλαι προϋποθέσεις διὰ τὴν ἐπίτευξιν εἰρηνικῆς λύσεως.

ΝΕΑ ΣΥΡΡΟΗ

ΣΑΪΓΚΟΝ, 18. (Ἀσοσ. Πρὲς). — Τὰ στρατεύματα τοῦ Βιὲτ Κὸγκ ἐξαπέλυσαν νέας ἐπιθέσεις εἰς τὰς κεντρικὰς ἐπαρχίας. Ἀμερικανικὰ ἀεροσκάφη ἐβομβάρδισαν στόχους εἰς τὴν περιοχὴν τοῦ Ἁνόι.

ΗΝΩΜΕΝΑ ΕΘΝΗ, 18. (Ρόιτερ). — Ὁ πρόεδρος τῆς Γενικῆς Συνελεύσεως τοῦ Ο.Η.Ε. κ. Μανέσκου ἐδήλωσεν ὅτι εἶναι ἀμφίβολον ἂν ἡ διακοπὴ τῶν ἀμερικανικῶν ἐπιδρομῶν θὰ ὁδηγήσῃ τὸ Βόρειον Βιετνὰμ εἰς τὴν τράπεζαν τῶν διαπραγματεύσεων. Ἀπαιτοῦνται, ἐτόνισε, καὶ ὡρισμέναι ἄλλαι προϋποθέσεις διὰ τὴν ἐπίτευξιν εἰρηνικῆς λύσεως.

ΣΑΪΓΚΟΝ, 18. (Ἀσοσ. Πρὲς). — Τὰ στρατεύματα τοῦ Βιὲτ Κὸγκ ἐξαπέλυσαν νέας ἐπιθέσεις εἰς τὰς κεντρικὰς ἐπαρχίας. Ἀμερικανικὰ ἀεροσκάφη ἐβομβάρδισαν στόχους εἰς τὴν περιοχὴν τοῦ Ἁνόι.

ΥΔΡΟΓΟΝΟΒΟΜΒΑΝ ΘΑ ΔΟΚΙΜΑΣΗ Η ΛΑΪΚΗ ΚΙΝΑ ΔΙΑ ΔΕΥΤΕΡΑΝ ΦΟΡΑΝ

ΤΟΚΙΟ, 18. (Ρόιτερ). — Ἡ Λαϊκὴ Κίνα θὰ δοκιμάσῃ διὰ δευτέραν φορὰν ὑδρογονοβόμβαν, κατὰ πληροφορίας ἐκ Τοκίου.

ΤΟΚΙΟ, 18. (Ρόιτερ). — Ἡ Λαϊκὴ Κίνα θὰ δοκιμάσῃ διὰ δευτέραν φορὰν ὑδρογονοβόμβαν, κατὰ πληροφορίας ἐκ Τοκίου.

ΤΟΚΙΟ, 18. (Ρόιτερ). — Ἡ Λαϊκὴ Κίνα θὰ δοκιμάσῃ διὰ δευτέραν φορὰν ὑδρογονοβόμβαν, κατὰ πληροφορίας ἐκ Τοκίου.

ΣΥΝΤΡΙΠΤΙΚΗ ΗΤΤΑ ΤΟΥ κ. ΤΣΟΜΠΕ ΕΙΣ ΤΗΝ ΒΟΥΛΗΝ

ΟΥΑΣΙΓΚΤΩΝ, 18. (Ἀσοσ. Πρὲς). — Ἡ πρότασις τοῦ κ. Τσόμπε ὑπέστη συντριπτικὴν ἧτταν εἰς τὴν Βουλήν.

ΟΥΑΣΙΓΚΤΩΝ, 18. (Ἀσοσ. Πρὲς). — Ἡ πρότασις τοῦ κ. Τσόμπε ὑπέστη συντριπτικὴν ἧτταν εἰς τὴν Βουλήν.

Ο ΚΟΣΥΓΚΙΝ ΠΑΡΕΔΕΧΘΗ ΤΟΝ ΘΑΝΑΤΟΝ ΤΟΥ ΓΚΟΥΕΒΑΡΑ

ΜΟΣΧΑ, 18. (Ἀσοσ. Πρὲς). — Ὁ κ. Κοσύγκιν παρεδέχθη τὸν θάνατον τοῦ Γκουεβάρα.

ΜΟΣΧΑ, 18. (Ἀσοσ. Πρὲς). — Ὁ κ. Κοσύγκιν παρεδέχθη τὸν θάνατον τοῦ Γκουεβάρα.

ΔΥΟ ΦΟΡΤΗΓΑ ΕΚΙΝΑΓΥΝΕΥΣΑΝ ΕΙΣ ΒΑΛΤΙΚΗΝ

ΧΑΓΗ, 18. (Ρόιτερ). — Δύο φορτηγὰ ἐκινδύνευσαν εἰς τὴν Βαλτικήν.

ΤΕΣΣΑΡΑ ΑΤΟΜΑ ΤΡΑΥΜΑΤΙΣΘΗΣΑΝ ΕΙΣ ΣΥΓΚΡΟΥΣΕΙΣ

ΑΘΗΝΑΙ, 18. — Τέσσαρα ἄτομα ἐτραυματίσθησαν εἰς συγκρούσεις.

ΑΙ ΑΚΡΟΑΣΕΙΣ ΤΟΥ ΒΑΣΙΛΕΩΣ

ΑΘΗΝΑΙ, 18. — Ὁ Βασιλεὺς ἐδέχθη εἰς ἀκρόασιν σήμερον τὸν πρωθυπουργὸν καὶ μέλη τῆς κυβερνήσεως.

ΘΙΓΟΝΤΑΙ ΣΗΜΑΝΤΙΚΩΣ ΤΑ ΣΥΜΦΕΡΟΝΤΑ ΤΩΝ ΑΜΕΡΙΚΑΝΙΚΩΝ ΕΠΙΧΕΙΡΗΣΕΩΝ ΕΚ ΤΗΣ ΣΥΜΦΩΝΙΑΣ ΤΟΥ "ΓΥΡΟΥ ΚΕΝΝΕΝΤΥ"

ΟΥΑΣΙΓΚΤΩΝ, 18. (Ἀσοσ. Πρὲς). — Ἀμερικανικαὶ ἐπιχειρήσεις ἐκφράζουν ἀνησυχίας διότι τὰ συμφέροντά των θίγονται σημαντικῶς ἐκ τῆς συμφωνίας τοῦ «γύρου Κέννεντυ».

ΟΥΑΣΙΓΚΤΩΝ, 18. (Ἀσοσ. Πρὲς). — Ἀμερικανικαὶ ἐπιχειρήσεις ἐκφράζουν ἀνησυχίας διότι τὰ συμφέροντά των θίγονται σημαντικῶς ἐκ τῆς συμφωνίας τοῦ «γύρου Κέννεντυ».

ΣΥΝΕΧΙΣΘΗΣΑΝ ΑΙ ΑΓΓΛΟΑΙΓΥΠΤΙΑΚΑΙ ΣΥΝΟΜΙΛΙΑΙ ΔΙΑ ΤΗΝ ΑΠΟΚΑΤΑΣΤΑΣΙΝ ΔΙΠΛΩΜΑΤΙΚΩΝ ΣΧΕΣΕΩΝ

ΚΑΪΡΟΝ, 18. (Ἀσοσ. Πρὲς). — Συνεχίσθησαν αἱ ἀγγλοαιγυπτιακαὶ συνομιλίαι διὰ τὴν ἀποκατάστασιν τῶν διπλωματικῶν σχέσεων.

ΚΑΪΡΟΝ, 18. (Ἀσοσ. Πρὲς). — Συνεχίσθησαν αἱ ἀγγλοαιγυπτιακαὶ συνομιλίαι διὰ τὴν ἀποκατάστασιν τῶν διπλωματικῶν σχέσεων.

ΔΙΕΘΝΕΣ ΣΥΝΕΔΡΙΟΝ ΚΟΡΥΦΑΙΩΝ ΨΥΧΟΛΟΓΩΝ ΜΕ ΘΕΜΑ ΤΟ ΦΑΙΝΟΜΕΝΟΝ ΤΗΣ ΥΠΝΩΣΕΩΣ

ΤΟΥΛΩΝ, 18. (Ἡνωμ. Τύπος). — Εἰς διεθνὲς συνέδριον κορυφαῖοι ψυχολόγοι μελετοῦν τὸ φαινόμενον τῆς ὑπνώσεως.

ΤΟΥΛΩΝ, 18. (Ἡνωμ. Τύπος). — Εἰς διεθνὲς συνέδριον κορυφαῖοι ψυχολόγοι μελετοῦν τὸ φαινόμενον τῆς ὑπνώσεως.

Αἱ Ἡν. Πολιτεῖαι εὐνοοῦν τὴν προτεινομένην ἀναδιάρθρωσιν τοῦ ΝΑΤΟ
ΙΚΑΝΟΠΟΙΗΤΙΚΟΝ ΘΕΩΡΟΥΝ ΤΟ ΚΑΤΑΡΤΙΣΘΕΝ ΣΧΕΔΙΟΝ

ΟΥΑΣΙΓΚΤΩΝ, 18. (Ρόιτερ). — Αἱ Ἡνωμέναι Πολιτεῖαι εὐνοοῦν τὴν προτεινομένην ἀναδιάρθρωσιν τοῦ ΝΑΤΟ καὶ θεωροῦν ἱκανοποιητικὸν τὸ καταρτισθὲν σχέδιον. Ἀρμόδιοι κύκλοι ἐτόνισαν ὅτι ἡ συμμαχία πρέπει νὰ προσαρμοσθῇ εἰς τὰς νέας συνθήκας.

ΟΥΑΣΙΓΚΤΩΝ, 18. (Ρόιτερ). — Αἱ Ἡνωμέναι Πολιτεῖαι εὐνοοῦν τὴν προτεινομένην ἀναδιάρθρωσιν τοῦ ΝΑΤΟ καὶ θεωροῦν ἱκανοποιητικὸν τὸ καταρτισθὲν σχέδιον. Ἀρμόδιοι κύκλοι ἐτόνισαν ὅτι ἡ συμμαχία πρέπει νὰ προσαρμοσθῇ εἰς τὰς νέας συνθήκας.

ΟΥΑΣΙΓΚΤΩΝ, 18. (Ρόιτερ). — Αἱ Ἡνωμέναι Πολιτεῖαι εὐνοοῦν τὴν προτεινομένην ἀναδιάρθρωσιν τοῦ ΝΑΤΟ καὶ θεωροῦν ἱκανοποιητικὸν τὸ καταρτισθὲν σχέδιον. Ἀρμόδιοι κύκλοι ἐτόνισαν ὅτι ἡ συμμαχία πρέπει νὰ προσαρμοσθῇ εἰς τὰς νέας συνθήκας.
